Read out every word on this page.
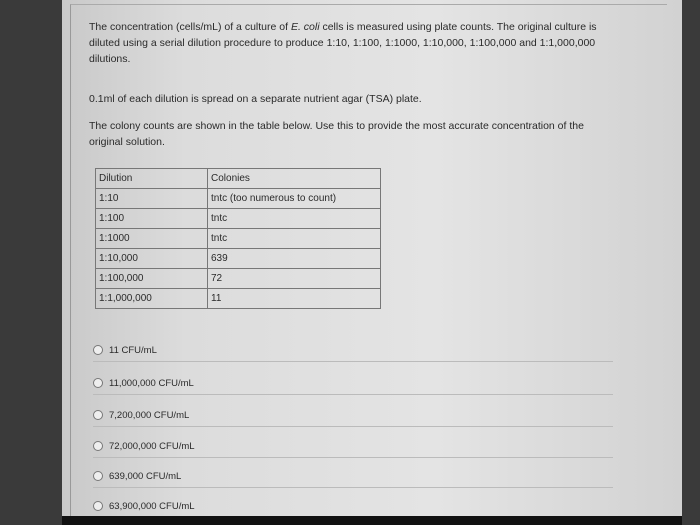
The concentration (cells/mL) of a culture of E. coli cells is measured using plate counts. The original culture is diluted using a serial dilution procedure to produce 1:10, 1:100, 1:1000, 1:10,000, 1:100,000 and 1:1,000,000 dilutions.
0.1ml of each dilution is spread on a separate nutrient agar (TSA) plate.
The colony counts are shown in the table below. Use this to provide the most accurate concentration of the original solution.
Dilution	Colonies
1:10	tntc (too numerous to count)
1:100	tntc
1:1000	tntc
1:10,000	639
1:100,000	72
1:1,000,000	11
11 CFU/mL
11,000,000 CFU/mL
7,200,000 CFU/mL
72,000,000 CFU/mL
639,000 CFU/mL
63,900,000 CFU/mL
